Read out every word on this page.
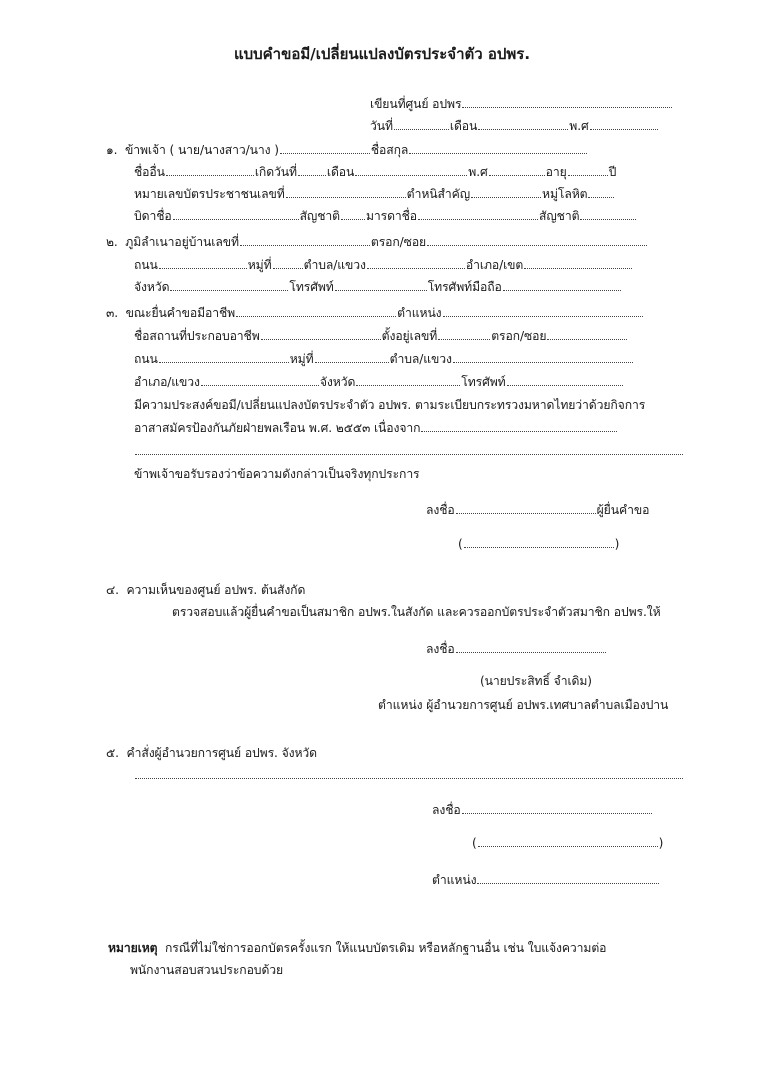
แบบคำขอมี/เปลี่ยนแปลงบัตรประจำตัว อปพร.
เขียนที่ศูนย์ อปพร
วันที่	เดือน	พ.ศ
๑. ข้าพเจ้า ( นาย/นางสาว/นาง )	ชื่อสกุล
ชื่ออื่น	เกิดวันที่ เดือน	พ.ศ	อายุ	ปี
หมายเลขบัตรประชาชนเลขที่	ตำหนิสำคัญ	หมู่โลหิต
บิดาชื่อ	สัญชาติ มารดาชื่อ	สัญชาติ
๒. ภูมิลำเนาอยู่บ้านเลขที่	ตรอก/ซอย
ถนน	หมู่ที่	ตำบล/แขวง	อำเภอ/เขต
จังหวัด	โทรศัพท์	โทรศัพท์มือถือ
๓. ขณะยื่นคำขอมีอาชีพ	ตำแหน่ง
ชื่อสถานที่ประกอบอาชีพ	ตั้งอยู่เลขที่	ตรอก/ซอย
ถนน	หมู่ที่	ตำบล/แขวง
อำเภอ/แขวง	จังหวัด	โทรศัพท์
มีความประสงค์ขอมี/เปลี่ยนแปลงบัตรประจำตัว อปพร. ตามระเบียบกระทรวงมหาดไทยว่าด้วยกิจการ
อาสาสมัครป้องกันภัยฝ่ายพลเรือน พ.ศ. ๒๕๕๓ เนื่องจาก
ข้าพเจ้าขอรับรองว่าข้อความดังกล่าวเป็นจริงทุกประการ
ลงชื่อ	ผู้ยื่นคำขอ
(	)
๔. ความเห็นของศูนย์ อปพร. ต้นสังกัด
ตรวจสอบแล้วผู้ยื่นคำขอเป็นสมาชิก อปพร.ในสังกัด และควรออกบัตรประจำตัวสมาชิก อปพร.ให้
ลงชื่อ
(นายประสิทธิ์ จำเดิม)
ตำแหน่ง ผู้อำนวยการศูนย์ อปพร.เทศบาลตำบลเมืองปาน
๕. คำสั่งผู้อำนวยการศูนย์ อปพร. จังหวัด
ลงชื่อ
(	)
ตำแหน่ง
หมายเหตุ กรณีที่ไม่ใช่การออกบัตรครั้งแรก ให้แนบบัตรเดิม หรือหลักฐานอื่น เช่น ใบแจ้งความต่อ
พนักงานสอบสวนประกอบด้วย
